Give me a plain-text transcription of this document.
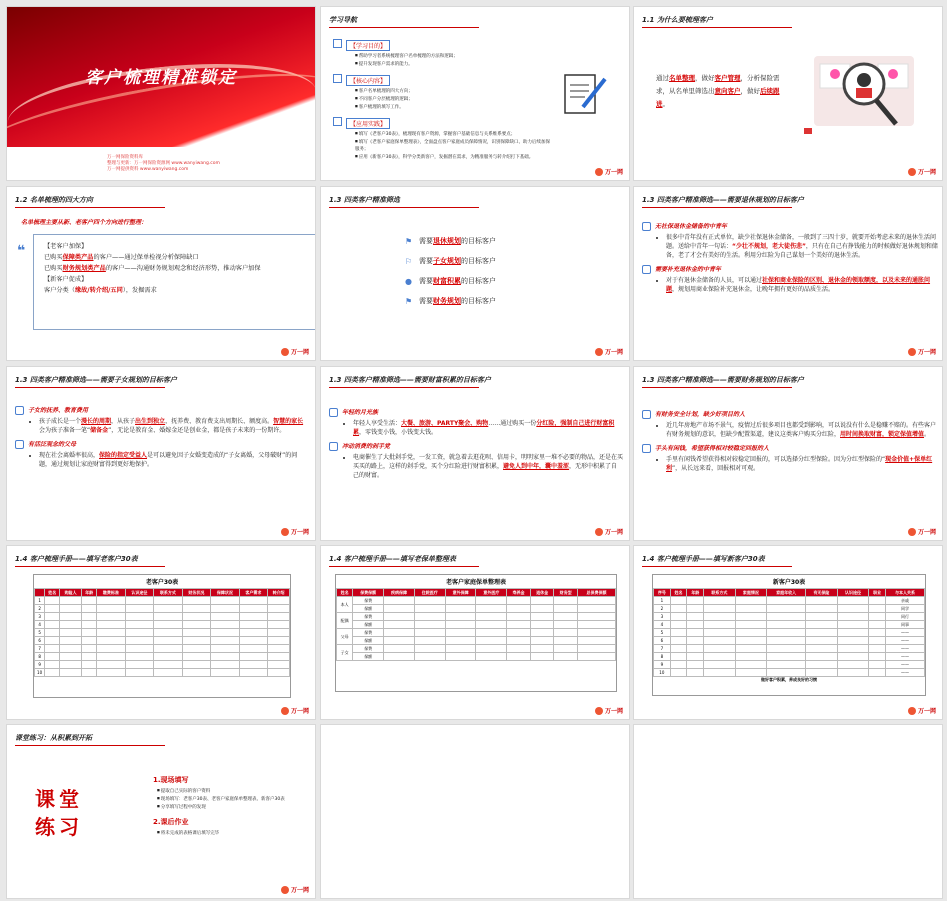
客户梳理精准锁定
万一网保险资料库
整理与更新：万一网保险资源网 www.wanyiwang.com
万一网提供资料 www.wanyiwang.com
学习导航
【学习目的】
■ 帮助学习者系统梳理客户名单梳理的方法和逻辑；
■ 提升发现客户需求的能力。
【核心内容】
■ 客户名单梳理的四大方向；
■ 不同客户分层梳理的逻辑；
■ 客户梳理的填写工作。
【应用实践】
■ 填写《老客户30表》，梳理现有客户资源，掌握客户基础信息与关系维系要点；
■ 填写《老客户家庭保单整理表》，全面盘点客户家庭成员保障情况，识别保障缺口、助力后续加保服务；
■ 应用《新客户30表》，科学分类新客户，发掘潜在需求，为精准服务与转介绍打下基础。
万一网
1.1 为什么要梳理客户
通过名单整理，做好客户管理，分析保险需求，从名单里筛选出意向客户，做好后续跟进。
万一网
1.2 名单梳理的四大方向
名单梳理主要从新、老客户四个方向进行整理：
❝	【老客户加保】
已购买保障类产品的客户——通过保单检视分析保障缺口
已购买财务规划类产品的客户——沟通财务规划观念和经济形势，推动客户加保
【新客户促成】
客户分类（缘故/转介绍/五同），发掘需求
万一网
1.3 四类客户精准筛选
⚑ 需要退休规划的目标客户
⚐ 需要子女规划的目标客户
● 需要财富积累的目标客户
⚑ 需要财务规划的目标客户
万一网
1.3 四类客户精准筛选——需要退休规划的目标客户
无社保退休金储备的中青年
• 很多中青年没有正式单位，缺少社保退休金储备，一般到了三四十岁，就要开始考虑未来的退休生活问题。送给中青年一句话：“少壮不规划，老大徒伤悲”，只有在自己有挣钱能力的时候做好退休规划和储备，老了才会有美好的生活。利用分红险为自己谋划一个美好的退休生活。
需要补充退休金的中青年
• 对于有退休金储备的人员，可以通过社保和商业保险的区别、退休金的领取额度，以及未来的通胀问题，规划用商业保险补充退休金，让晚年拥有更好的品质生活。
万一网
1.3 四类客户精准筛选——需要子女规划的目标客户
子女的抚养、教育费用
• 孩子成长是一个漫长的周期，从孩子出生到独立，抚养费、教育费支出周期长、额度高。智慧的家长会为孩子准备一笔“储备金”，无论是教育金、婚嫁金还是创业金，都是孩子未来的一份期许。
有活泛观念的父母
• 现在社会离婚率很高，保险的指定受益人是可以避免因子女婚变造成的“子女离婚，父母破财”的问题，通过规划让家庭财富得到更好地保护。
万一网
1.3 四类客户精准筛选——需要财富积累的目标客户
年轻的月光族
• 年轻人享受生活：大餐、旅游、PARTY聚会、购物……通过购买一份分红险，强制自己进行财富积累，零钱变小钱，小钱变大钱。
冲动消费的剁手党
• 电商催生了大批剁手党，一发工资，就急着去逛花呗、信用卡，明明家里一堆不必要的物品，还是在买买买的路上，这样的剁手党，买个分红险进行财富积累，避免人到中年，囊中羞涩，无形中积累了自己的财富。
万一网
1.3 四类客户精准筛选——需要财务规划的目标客户
有财务安全计划，缺少好项目的人
• 近几年房地产市场不景气，疫情过后很多项目也都受到影响，可以说没有什么是稳赚不赔的。有些客户有财务规划的意识，但缺少配置渠道，建议这类客户购买分红险，用时间换取财富，锁定保值增值。
手头有闲钱，希望获得相对较稳定回报的人
• 手里有闲钱希望获得相对较稳定回报的，可以选择分红型保险。因为分红型保险的“现金价值+保单红利”，从长远来看，回报相对可观。
万一网
1.4 客户梳理手册——填写老客户30表
老客户30表
	姓名	购险人	年龄	缴费标准	认识途径	联系方式	财务状况	保障状况	客户需求	转介绍
1										
2										
3										
4										
5										
6										
7										
8										
9										
10										
万一网
1.4 客户梳理手册——填写老保单整理表
老客户家庭保单整理表
姓名	保费保额	疾病保障	住院医疗	意外保障	意外医疗	寿养金	退休金	财务型	总保费保额
本人	保费								
	保额								
配偶	保费								
	保额								
父母	保费								
	保额								
子女	保费								
	保额								
万一网
1.4 客户梳理手册——填写新客户30表
新客户30表
序号	姓名	年龄	联系方式	家庭情况	家庭年收入	有无保险	认识途径	职业	与本人关系
1									亲戚
2									同学
3									同行
4									同事
5									——
6									——
7									——
8									——
9									——
10									——
做好客户积累，养成良好的习惯
万一网
课堂练习：从积累到开拓
课堂
练习
1.现场填写
■ 提取自己实际的客户资料
■ 现场填写：老客户30表、老客户家庭保单整理表、新客户30表
■ 分享填写过程中的发现
2.课后作业
■ 将未完成的表格课后填写完毕
万一网
